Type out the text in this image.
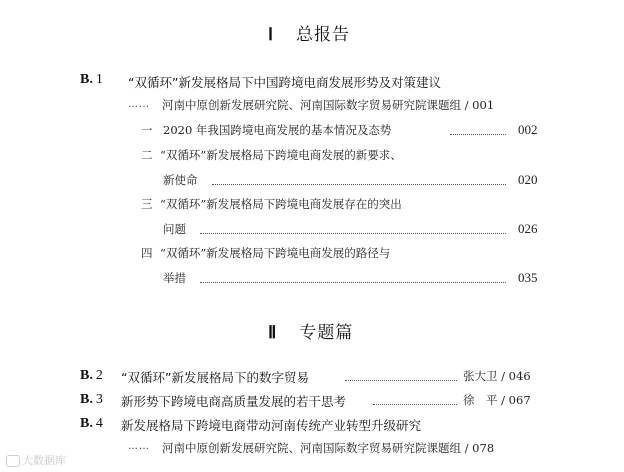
Ⅰ 总报告
B. 1 “双循环”新发展格局下中国跨境电商发展形势及对策建议
…… 河南中原创新发展研究院、河南国际数字贸易研究院课题组 / 001
一 2020 年我国跨境电商发展的基本情况及态势	002
二 “双循环”新发展格局下跨境电商发展的新要求、
新使命	020
三 “双循环”新发展格局下跨境电商发展存在的突出
问题	026
四 “双循环”新发展格局下跨境电商发展的路径与
举措	035
Ⅱ 专题篇
B. 2 “双循环”新发展格局下的数字贸易	张大卫 / 046
B. 3 新形势下跨境电商高质量发展的若干思考	徐　平 / 067
B. 4 新发展格局下跨境电商带动河南传统产业转型升级研究
…… 河南中原创新发展研究院、河南国际数字贸易研究院课题组 / 078
大数据库
